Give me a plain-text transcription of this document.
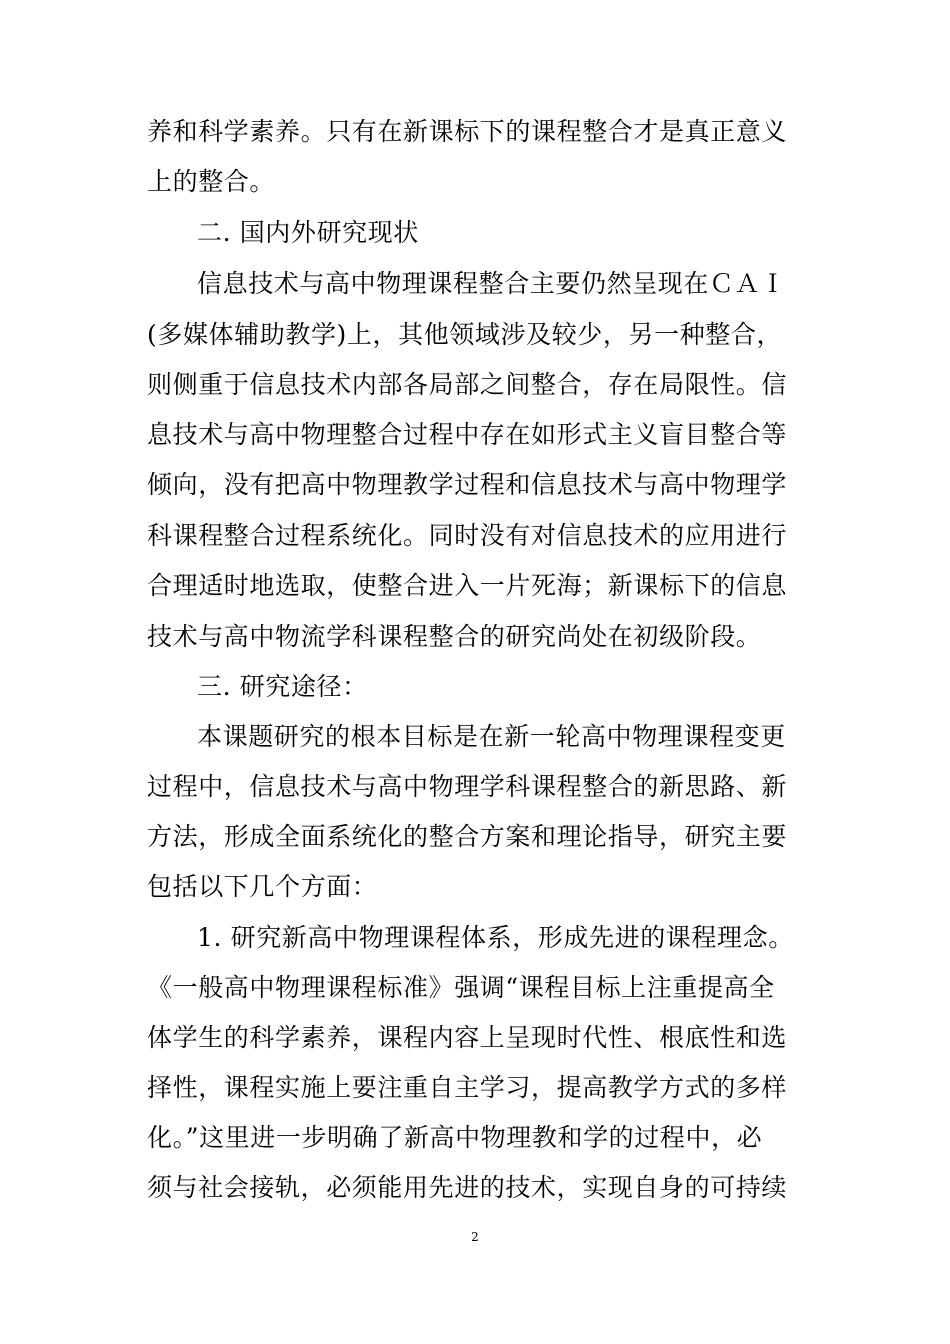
养和科学素养。只有在新课标下的课程整合才是真正意义
上的整合。
二. 国内外研究现状
信息技术与高中物理课程整合主要仍然呈现在ＣＡＩ
(多媒体辅助教学)上，其他领域涉及较少，另一种整合，
则侧重于信息技术内部各局部之间整合，存在局限性。信
息技术与高中物理整合过程中存在如形式主义盲目整合等
倾向，没有把高中物理教学过程和信息技术与高中物理学
科课程整合过程系统化。同时没有对信息技术的应用进行
合理适时地选取，使整合进入一片死海；新课标下的信息
技术与高中物流学科课程整合的研究尚处在初级阶段。
三. 研究途径：
本课题研究的根本目标是在新一轮高中物理课程变更
过程中，信息技术与高中物理学科课程整合的新思路、新
方法，形成全面系统化的整合方案和理论指导，研究主要
包括以下几个方面：
1. 研究新高中物理课程体系，形成先进的课程理念。
《一般高中物理课程标准》强调“课程目标上注重提高全
体学生的科学素养，课程内容上呈现时代性、根底性和选
择性，课程实施上要注重自主学习，提高教学方式的多样
化。”这里进一步明确了新高中物理教和学的过程中，必
须与社会接轨，必须能用先进的技术，实现自身的可持续
2
